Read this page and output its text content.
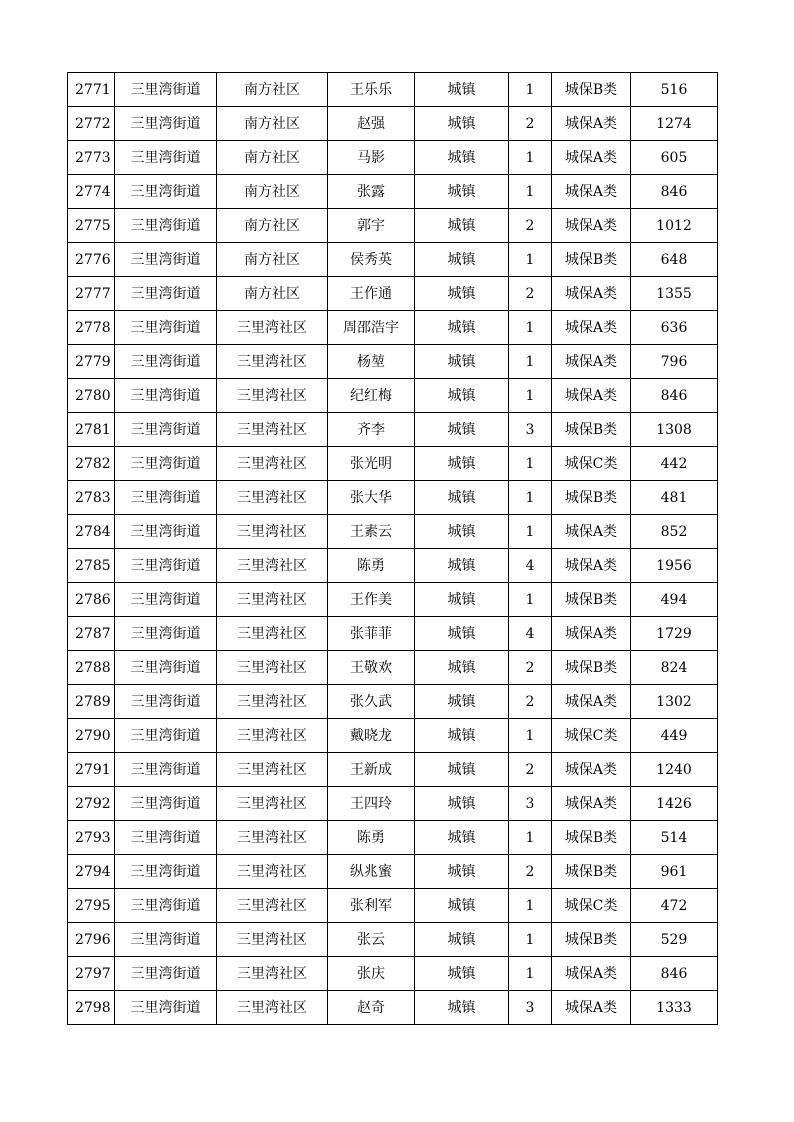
2771	三里湾街道	南方社区	王乐乐	城镇	1	城保B类	516
2772	三里湾街道	南方社区	赵强	城镇	2	城保A类	1274
2773	三里湾街道	南方社区	马影	城镇	1	城保A类	605
2774	三里湾街道	南方社区	张露	城镇	1	城保A类	846
2775	三里湾街道	南方社区	郭宇	城镇	2	城保A类	1012
2776	三里湾街道	南方社区	侯秀英	城镇	1	城保B类	648
2777	三里湾街道	南方社区	王作通	城镇	2	城保A类	1355
2778	三里湾街道	三里湾社区	周邵浩宇	城镇	1	城保A类	636
2779	三里湾街道	三里湾社区	杨堃	城镇	1	城保A类	796
2780	三里湾街道	三里湾社区	纪红梅	城镇	1	城保A类	846
2781	三里湾街道	三里湾社区	齐李	城镇	3	城保B类	1308
2782	三里湾街道	三里湾社区	张光明	城镇	1	城保C类	442
2783	三里湾街道	三里湾社区	张大华	城镇	1	城保B类	481
2784	三里湾街道	三里湾社区	王素云	城镇	1	城保A类	852
2785	三里湾街道	三里湾社区	陈勇	城镇	4	城保A类	1956
2786	三里湾街道	三里湾社区	王作美	城镇	1	城保B类	494
2787	三里湾街道	三里湾社区	张菲菲	城镇	4	城保A类	1729
2788	三里湾街道	三里湾社区	王敬欢	城镇	2	城保B类	824
2789	三里湾街道	三里湾社区	张久武	城镇	2	城保A类	1302
2790	三里湾街道	三里湾社区	戴晓龙	城镇	1	城保C类	449
2791	三里湾街道	三里湾社区	王新成	城镇	2	城保A类	1240
2792	三里湾街道	三里湾社区	王四玲	城镇	3	城保A类	1426
2793	三里湾街道	三里湾社区	陈勇	城镇	1	城保B类	514
2794	三里湾街道	三里湾社区	纵兆蜜	城镇	2	城保B类	961
2795	三里湾街道	三里湾社区	张利军	城镇	1	城保C类	472
2796	三里湾街道	三里湾社区	张云	城镇	1	城保B类	529
2797	三里湾街道	三里湾社区	张庆	城镇	1	城保A类	846
2798	三里湾街道	三里湾社区	赵奇	城镇	3	城保A类	1333
